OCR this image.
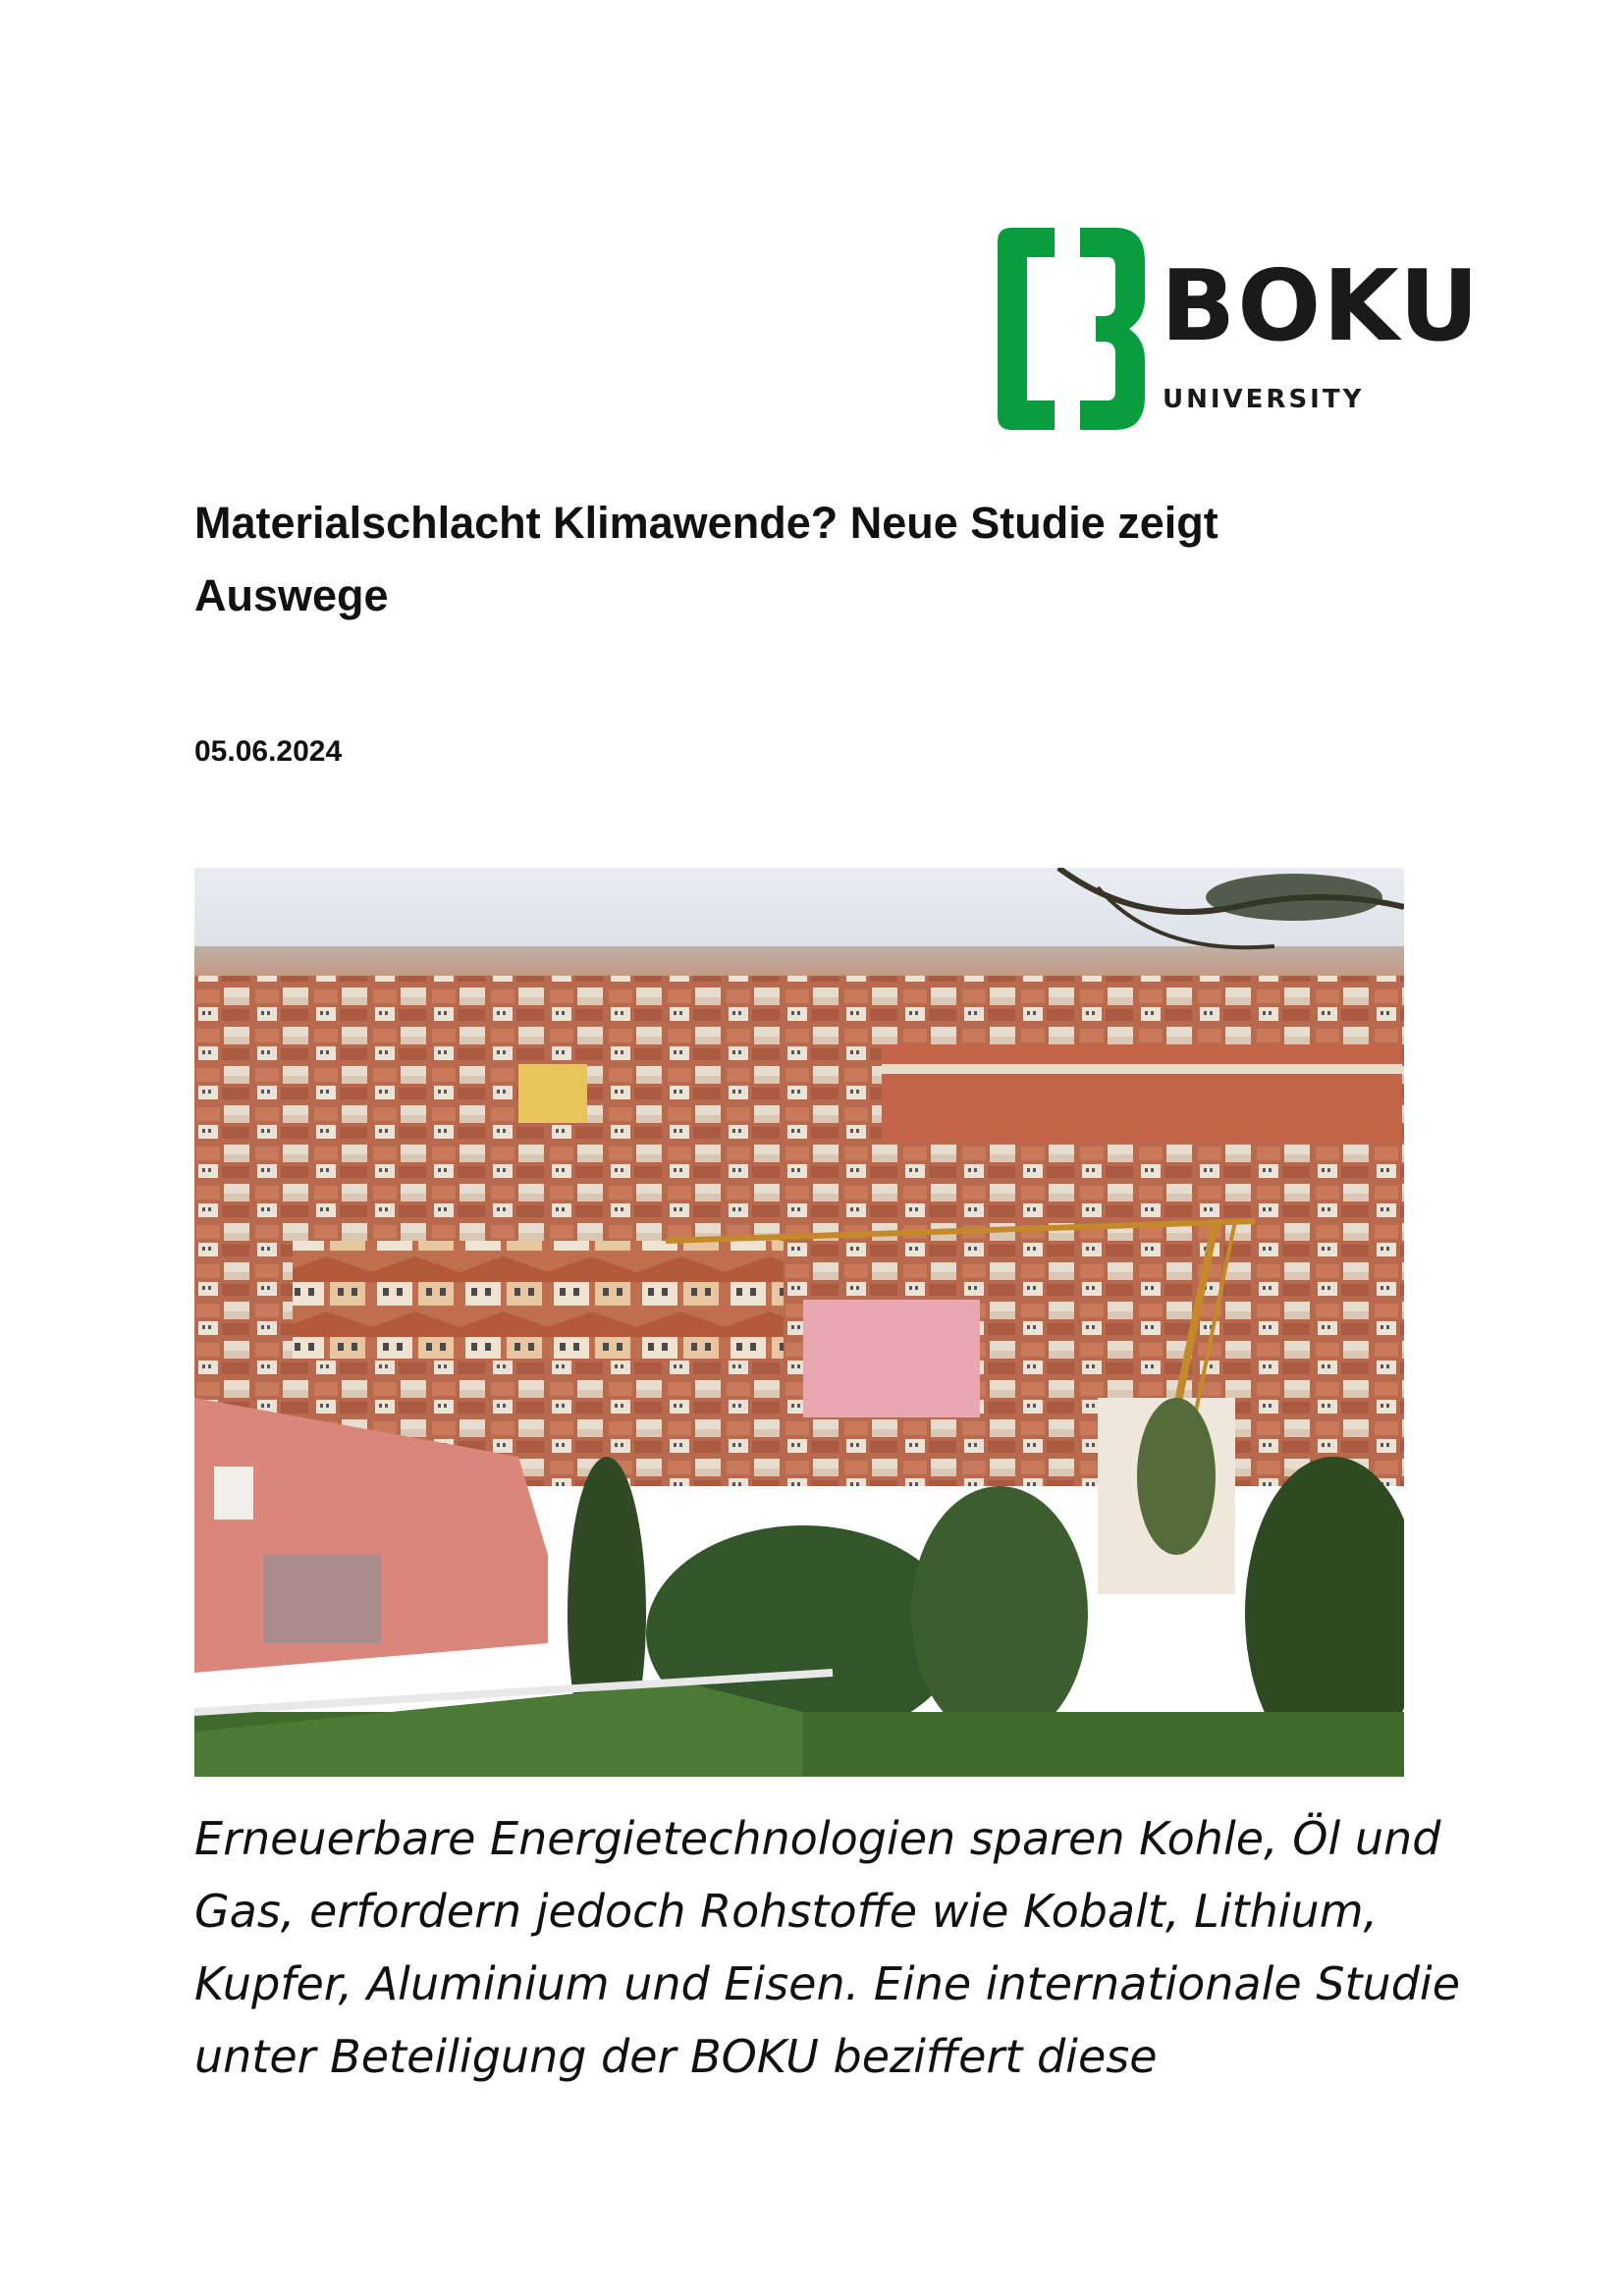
BOKU
UNIVERSITY
Materialschlacht Klimawende? Neue Studie zeigt
Auswege
05.06.2024

Erneuerbare Energietechnologien sparen Kohle, Öl und
Gas, erfordern jedoch Rohstoffe wie Kobalt, Lithium,
Kupfer, Aluminium und Eisen. Eine internationale Studie
unter Beteiligung der BOKU beziffert diese
